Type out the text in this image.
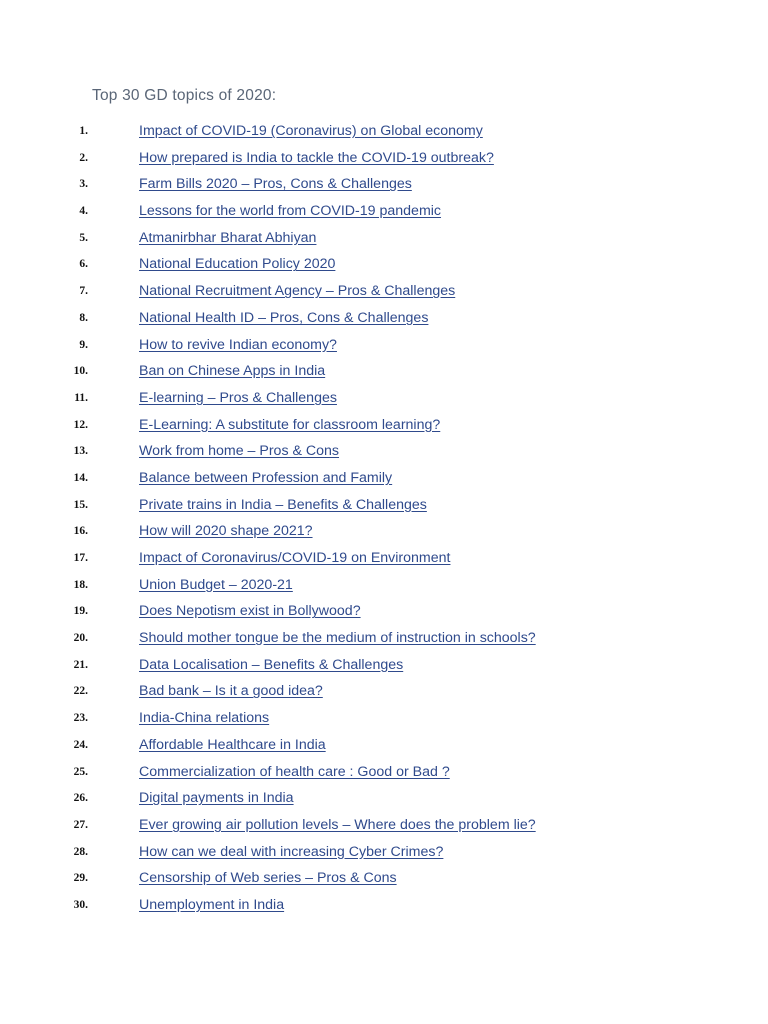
Top 30 GD topics of 2020:
1.	Impact of COVID-19 (Coronavirus) on Global economy
2.	How prepared is India to tackle the COVID-19 outbreak?
3.	Farm Bills 2020 – Pros, Cons & Challenges
4.	Lessons for the world from COVID-19 pandemic
5.	Atmanirbhar Bharat Abhiyan
6.	National Education Policy 2020
7.	National Recruitment Agency – Pros & Challenges
8.	National Health ID – Pros, Cons & Challenges
9.	How to revive Indian economy?
10.	Ban on Chinese Apps in India
11.	E-learning – Pros & Challenges
12.	E-Learning: A substitute for classroom learning?
13.	Work from home – Pros & Cons
14.	Balance between Profession and Family
15.	Private trains in India – Benefits & Challenges
16.	How will 2020 shape 2021?
17.	Impact of Coronavirus/COVID-19 on Environment
18.	Union Budget – 2020-21
19.	Does Nepotism exist in Bollywood?
20.	Should mother tongue be the medium of instruction in schools?
21.	Data Localisation – Benefits & Challenges
22.	Bad bank – Is it a good idea?
23.	India-China relations
24.	Affordable Healthcare in India
25.	Commercialization of health care : Good or Bad ?
26.	Digital payments in India
27.	Ever growing air pollution levels – Where does the problem lie?
28.	How can we deal with increasing Cyber Crimes?
29.	Censorship of Web series – Pros & Cons
30.	Unemployment in India
